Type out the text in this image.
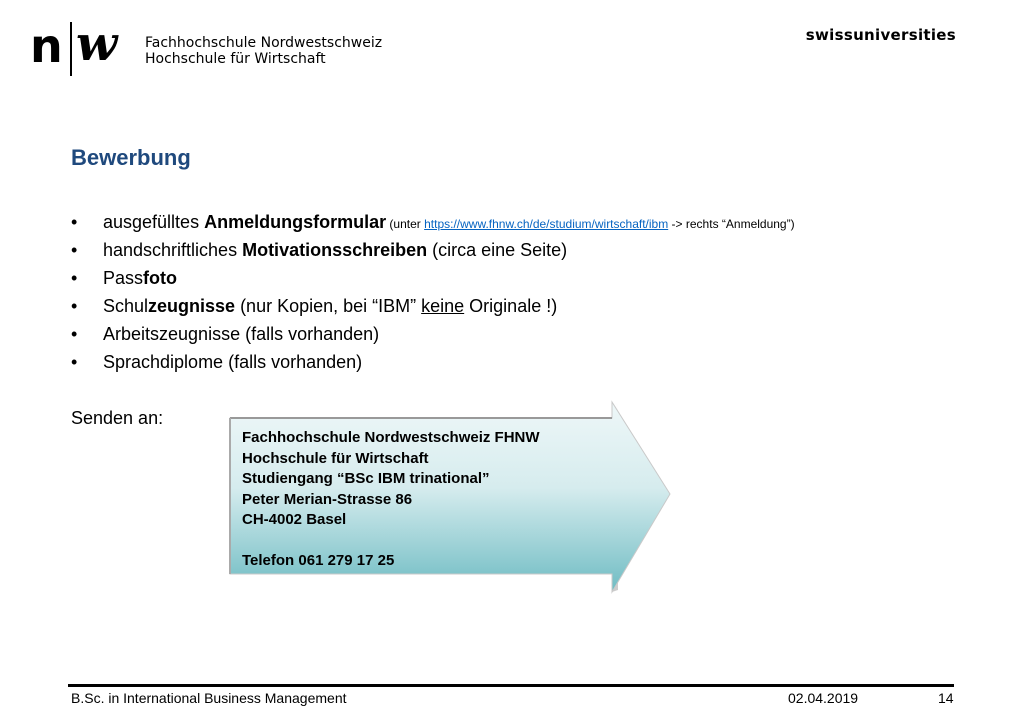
n w Fachhochschule Nordwestschweiz
Hochschule für Wirtschaft
swissuniversities
Bewerbung
• ausgefülltes Anmeldungsformular (unter https://www.fhnw.ch/de/studium/wirtschaft/ibm -> rechts “Anmeldung”)
• handschriftliches Motivationsschreiben (circa eine Seite)
• Passfoto
• Schulzeugnisse (nur Kopien, bei “IBM” keine Originale !)
• Arbeitszeugnisse (falls vorhanden)
• Sprachdiplome (falls vorhanden)
Senden an:
Fachhochschule Nordwestschweiz FHNW
Hochschule für Wirtschaft
Studiengang “BSc IBM trinational”
Peter Merian-Strasse 86
CH-4002 Basel
Telefon 061 279 17 25
B.Sc. in International Business Management	02.04.2019	14
